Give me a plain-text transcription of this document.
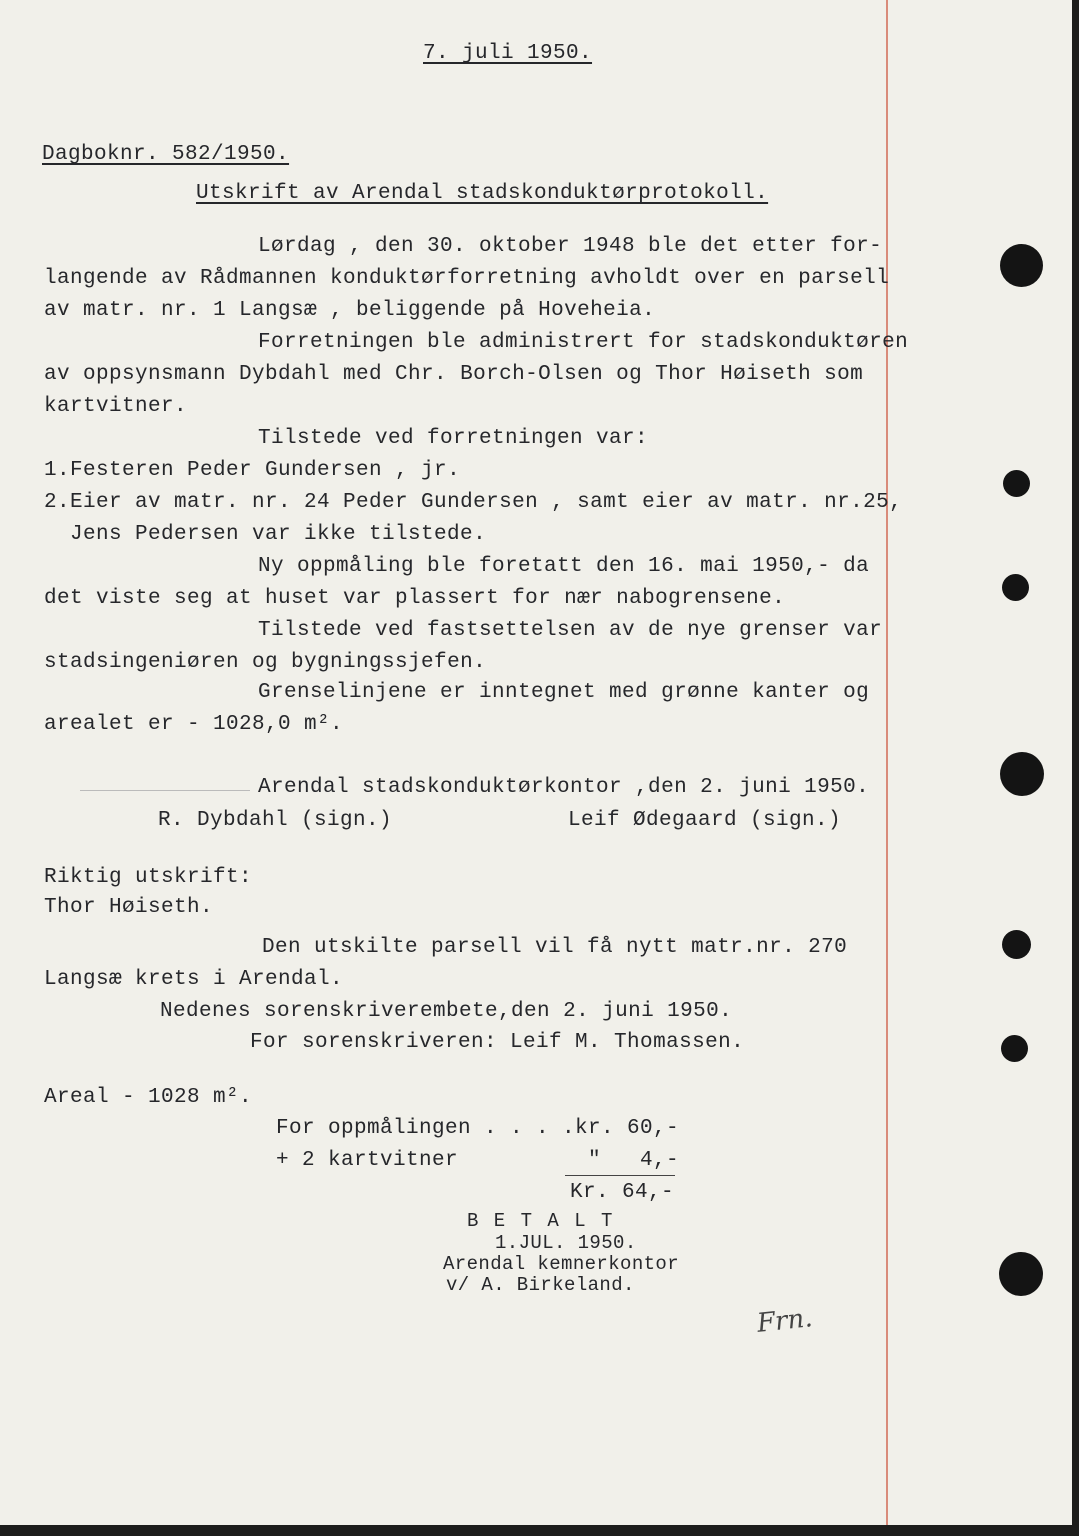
7. juli 1950.
Dagboknr. 582/1950.
Utskrift av Arendal stadskonduktørprotokoll.
Lørdag , den 30. oktober 1948 ble det etter for-
langende av Rådmannen konduktørforretning avholdt over en parsell
av matr. nr. 1 Langsæ , beliggende på Hoveheia.
Forretningen ble administrert for stadskonduktøren
av oppsynsmann Dybdahl med Chr. Borch-Olsen og Thor Høiseth som
kartvitner.
Tilstede ved forretningen var:
1.Festeren Peder Gundersen , jr.
2.Eier av matr. nr. 24 Peder Gundersen , samt eier av matr. nr.25,
Jens Pedersen var ikke tilstede.
Ny oppmåling ble foretatt den 16. mai 1950,- da
det viste seg at huset var plassert for nær nabogrensene.
Tilstede ved fastsettelsen av de nye grenser var
stadsingeniøren og bygningssjefen.
Grenselinjene er inntegnet med grønne kanter og
arealet er - 1028,0 m².
Arendal stadskonduktørkontor ,den 2. juni 1950.
R. Dybdahl (sign.)	Leif Ødegaard (sign.)
Riktig utskrift:
Thor Høiseth.
Den utskilte parsell vil få nytt matr.nr. 270
Langsæ krets i Arendal.
Nedenes sorenskriverembete,den 2. juni 1950.
For sorenskriveren: Leif M. Thomassen.
Areal - 1028 m².
For oppmålingen . . . .kr. 60,-
+ 2 kartvitner          "   4,-
Kr. 64,-
B E T A L T
1.JUL. 1950.
Arendal kemnerkontor
v/ A. Birkeland.
Frn.
